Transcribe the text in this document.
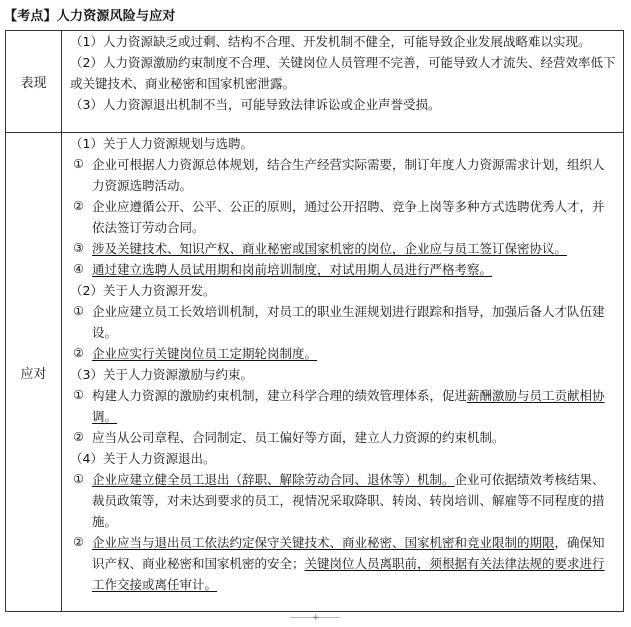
【考点】人力资源风险与应对
表现

（1）人力资源缺乏或过剩、结构不合理、开发机制不健全，可能导致企业发展战略难以实现。

（2）人力资源激励约束制度不合理、关键岗位人员管理不完善，可能导致人才流失、经营效率低下或关键技术、商业秘密和国家机密泄露。

（3）人力资源退出机制不当，可能导致法律诉讼或企业声誉受损。

应对

（1）关于人力资源规划与选聘。

① 企业可根据人力资源总体规划，结合生产经营实际需要，制订年度人力资源需求计划，组织人力资源选聘活动。

② 企业应遵循公开、公平、公正的原则，通过公开招聘、竞争上岗等多种方式选聘优秀人才，并依法签订劳动合同。

③ 涉及关键技术、知识产权、商业秘密或国家机密的岗位，企业应与员工签订保密协议。

④ 通过建立选聘人员试用期和岗前培训制度，对试用期人员进行严格考察。

（2）关于人力资源开发。

① 企业应建立员工长效培训机制，对员工的职业生涯规划进行跟踪和指导，加强后备人才队伍建设。

② 企业应实行关键岗位员工定期轮岗制度。

（3）关于人力资源激励与约束。

① 构建人力资源的激励约束机制，建立科学合理的绩效管理体系，促进薪酬激励与员工贡献相协调。

② 应当从公司章程、合同制定、员工偏好等方面，建立人力资源的约束机制。

（4）关于人力资源退出。

① 企业应建立健全员工退出（辞职、解除劳动合同、退休等）机制。企业可依据绩效考核结果、裁员政策等，对未达到要求的员工，视情况采取降职、转岗、转岗培训、解雇等不同程度的措施。

② 企业应当与退出员工依法约定保守关键技术、商业秘密、国家机密和竞业限制的期限，确保知识产权、商业秘密和国家机密的安全；关键岗位人员离职前，须根据有关法律法规的要求进行工作交接或离任审计。

+
